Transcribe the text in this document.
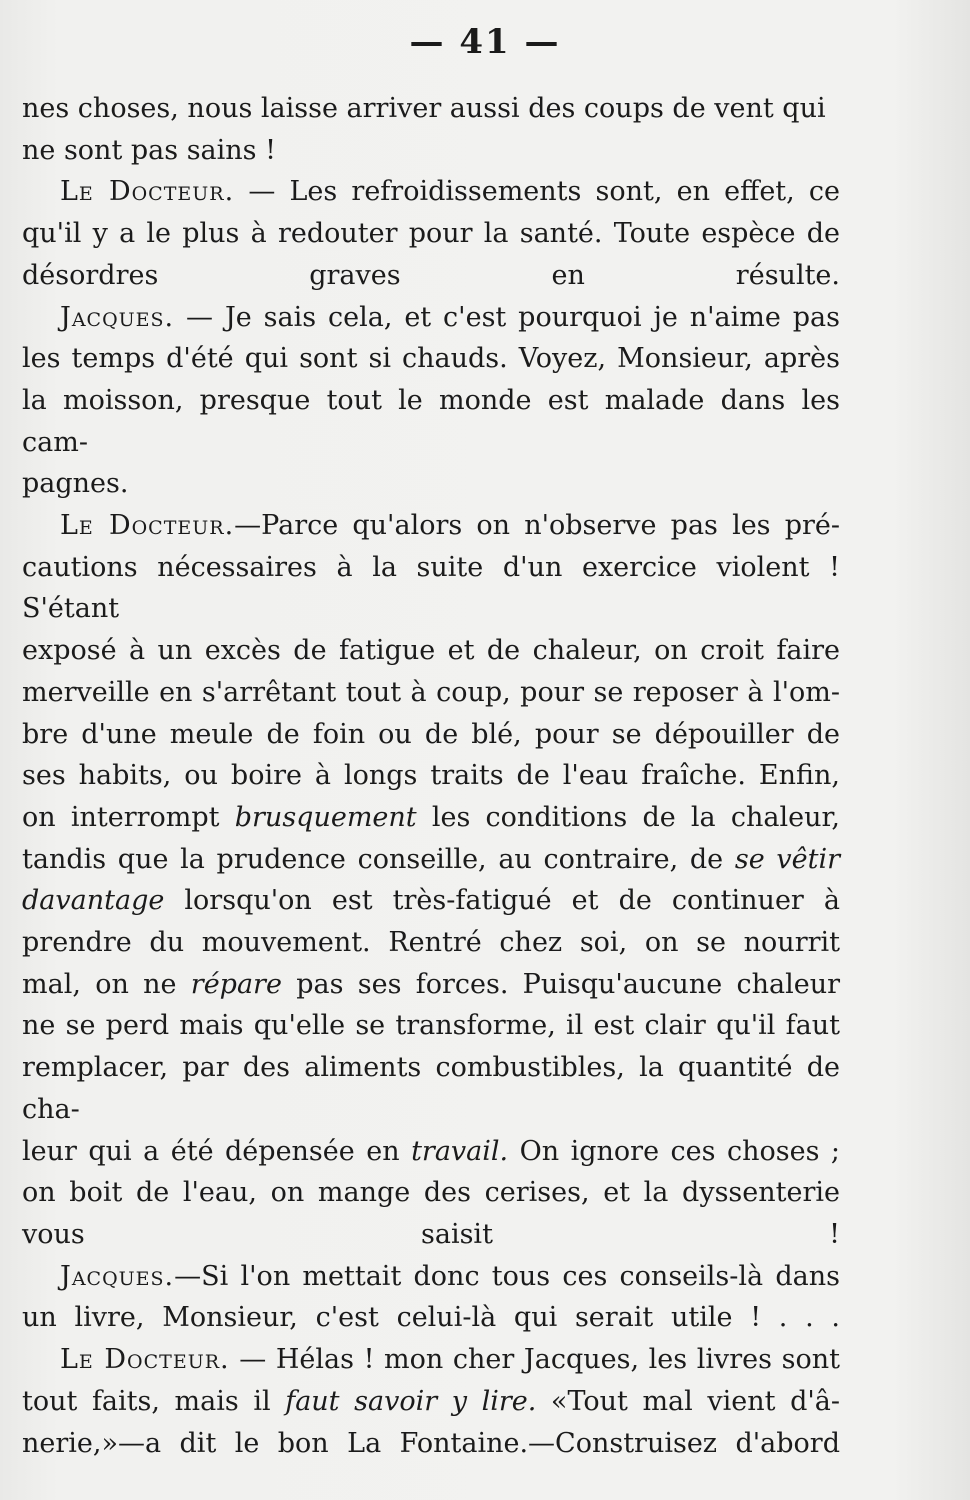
— 41 —

nes choses, nous laisse arriver aussi des coups de vent qui
ne sont pas sains !

Le Docteur. — Les refroidissements sont, en effet, ce
qu'il y a le plus à redouter pour la santé. Toute espèce de
désordres graves en résulte.

Jacques. — Je sais cela, et c'est pourquoi je n'aime pas
les temps d'été qui sont si chauds. Voyez, Monsieur, après
la moisson, presque tout le monde est malade dans les cam-
pagnes.

Le Docteur.—Parce qu'alors on n'observe pas les pré-
cautions nécessaires à la suite d'un exercice violent ! S'étant
exposé à un excès de fatigue et de chaleur, on croit faire
merveille en s'arrêtant tout à coup, pour se reposer à l'om-
bre d'une meule de foin ou de blé, pour se dépouiller de
ses habits, ou boire à longs traits de l'eau fraîche. Enfin,
on interrompt brusquement les conditions de la chaleur,
tandis que la prudence conseille, au contraire, de se vêtir
davantage lorsqu'on est très-fatigué et de continuer à
prendre du mouvement. Rentré chez soi, on se nourrit
mal, on ne répare pas ses forces. Puisqu'aucune chaleur
ne se perd mais qu'elle se transforme, il est clair qu'il faut
remplacer, par des aliments combustibles, la quantité de cha-
leur qui a été dépensée en travail. On ignore ces choses ;
on boit de l'eau, on mange des cerises, et la dyssenterie
vous saisit !

Jacques.—Si l'on mettait donc tous ces conseils-là dans
un livre, Monsieur, c'est celui-là qui serait utile ! . . .

Le Docteur. — Hélas ! mon cher Jacques, les livres sont
tout faits, mais il faut savoir y lire. «Tout mal vient d'â-
nerie,»—a dit le bon La Fontaine.—Construisez d'abord
